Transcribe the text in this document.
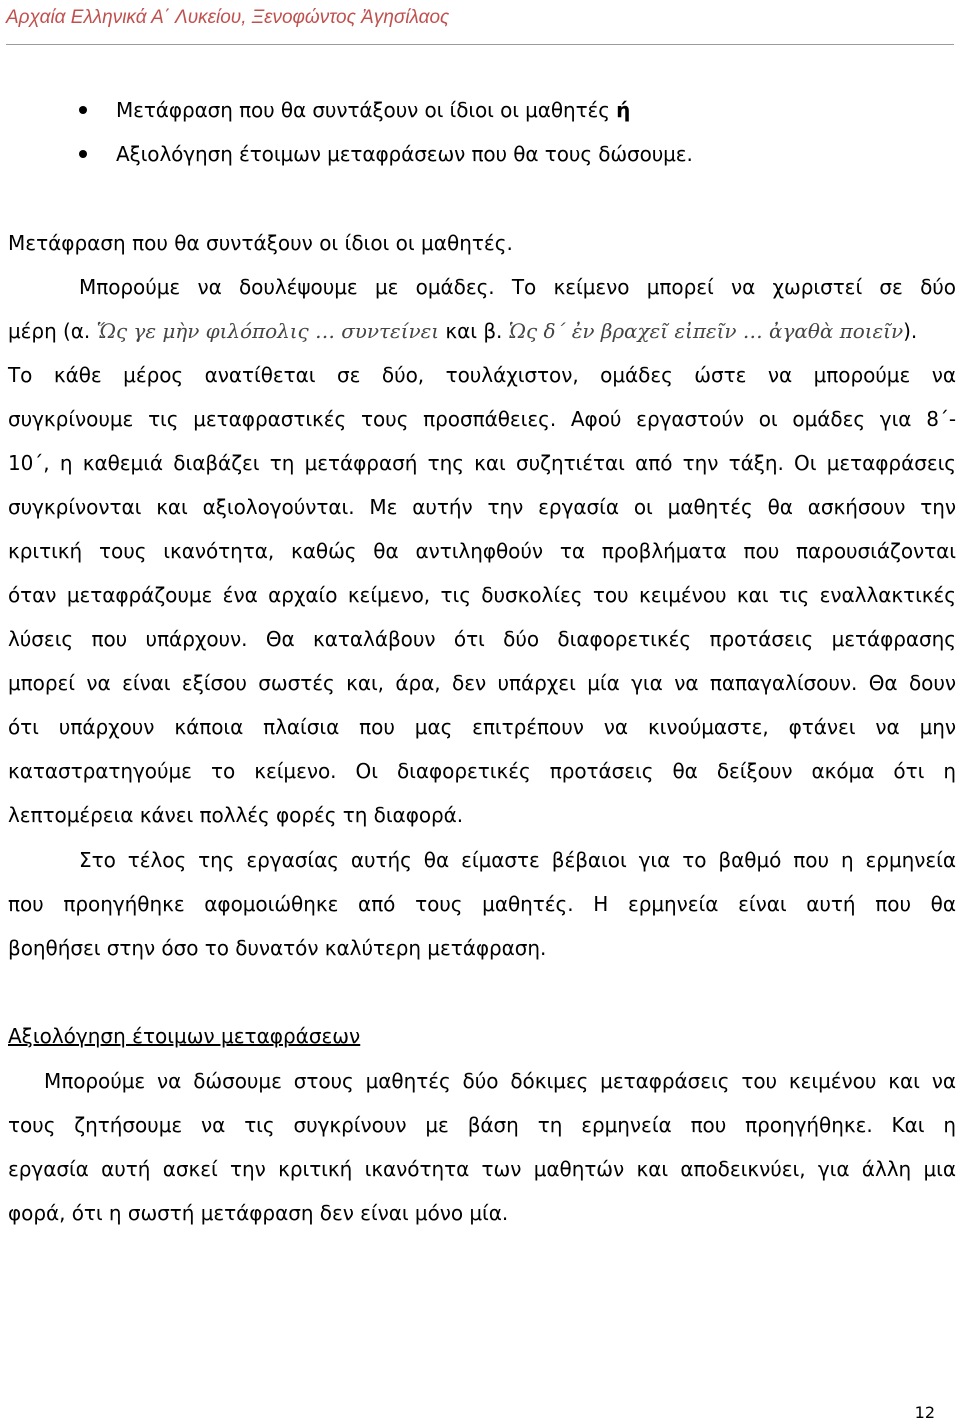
Αρχαία Ελληνικά Α΄ Λυκείου, Ξενοφώντος Ἀγησίλαος
Μετάφραση που θα συντάξουν οι ίδιοι οι μαθητές ή
Αξιολόγηση έτοιμων μεταφράσεων που θα τους δώσουμε.
Μετάφραση που θα συντάξουν οι ίδιοι οι μαθητές.
Μπορούμε να δουλέψουμε με ομάδες. Το κείμενο μπορεί να χωριστεί σε δύο
μέρη (α. Ὥς γε μὴν φιλόπολις … συντείνει και β. Ὡς δ΄ ἐν βραχεῖ εἰπεῖν … ἀγαθὰ ποιεῖν).
Το κάθε μέρος ανατίθεται σε δύο, τουλάχιστον, ομάδες ώστε να μπορούμε να
συγκρίνουμε τις μεταφραστικές τους προσπάθειες. Αφού εργαστούν οι ομάδες για 8΄-
10΄, η καθεμιά διαβάζει τη μετάφρασή της και συζητιέται από την τάξη. Οι μεταφράσεις
συγκρίνονται και αξιολογούνται. Με αυτήν την εργασία οι μαθητές θα ασκήσουν την
κριτική τους ικανότητα, καθώς θα αντιληφθούν τα προβλήματα που παρουσιάζονται
όταν μεταφράζουμε ένα αρχαίο κείμενο, τις δυσκολίες του κειμένου και τις εναλλακτικές
λύσεις που υπάρχουν. Θα καταλάβουν ότι δύο διαφορετικές προτάσεις μετάφρασης
μπορεί να είναι εξίσου σωστές και, άρα, δεν υπάρχει μία για να παπαγαλίσουν. Θα δουν
ότι υπάρχουν κάποια πλαίσια που μας επιτρέπουν να κινούμαστε, φτάνει να μην
καταστρατηγούμε το κείμενο. Οι διαφορετικές προτάσεις θα δείξουν ακόμα ότι η
λεπτομέρεια κάνει πολλές φορές τη διαφορά.
Στο τέλος της εργασίας αυτής θα είμαστε βέβαιοι για το βαθμό που η ερμηνεία
που προηγήθηκε αφομοιώθηκε από τους μαθητές. Η ερμηνεία είναι αυτή που θα
βοηθήσει στην όσο το δυνατόν καλύτερη μετάφραση.
Αξιολόγηση έτοιμων μεταφράσεων
Μπορούμε να δώσουμε στους μαθητές δύο δόκιμες μεταφράσεις του κειμένου και να
τους ζητήσουμε να τις συγκρίνουν με βάση τη ερμηνεία που προηγήθηκε. Και η
εργασία αυτή ασκεί την κριτική ικανότητα των μαθητών και αποδεικνύει, για άλλη μια
φορά, ότι η σωστή μετάφραση δεν είναι μόνο μία.
12
